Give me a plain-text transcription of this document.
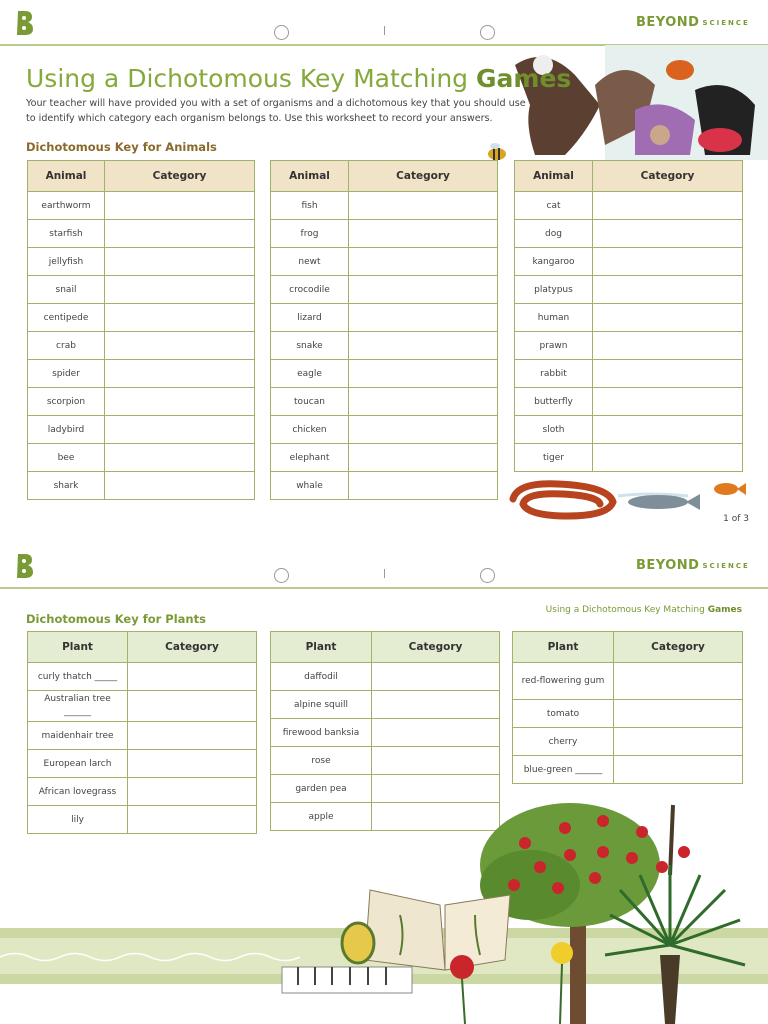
BEYOND SCIENCE
Using a Dichotomous Key Matching Games
Your teacher will have provided you with a set of organisms and a dichotomous key that you should use to identify which category each organism belongs to. Use this worksheet to record your answers.
Dichotomous Key for Animals
Animal	Category
earthworm	
starfish	
jellyfish	
snail	
centipede	
crab	
spider	
scorpion	
ladybird	
bee	
shark	
Animal	Category
fish	
frog	
newt	
crocodile	
lizard	
snake	
eagle	
toucan	
chicken	
elephant	
whale	
Animal	Category
cat	
dog	
kangaroo	
platypus	
human	
prawn	
rabbit	
butterfly	
sloth	
tiger	
1 of 3
BEYOND SCIENCE
Using a Dichotomous Key Matching Games
Dichotomous Key for Plants
Plant	Category
curly thatch _____	
Australian tree ______	
maidenhair tree	
European larch	
African lovegrass	
lily	
Plant	Category
daffodil	
alpine squill	
firewood banksia	
rose	
garden pea	
apple	
Plant	Category
red-flowering gum	
tomato	
cherry	
blue-green ______	
